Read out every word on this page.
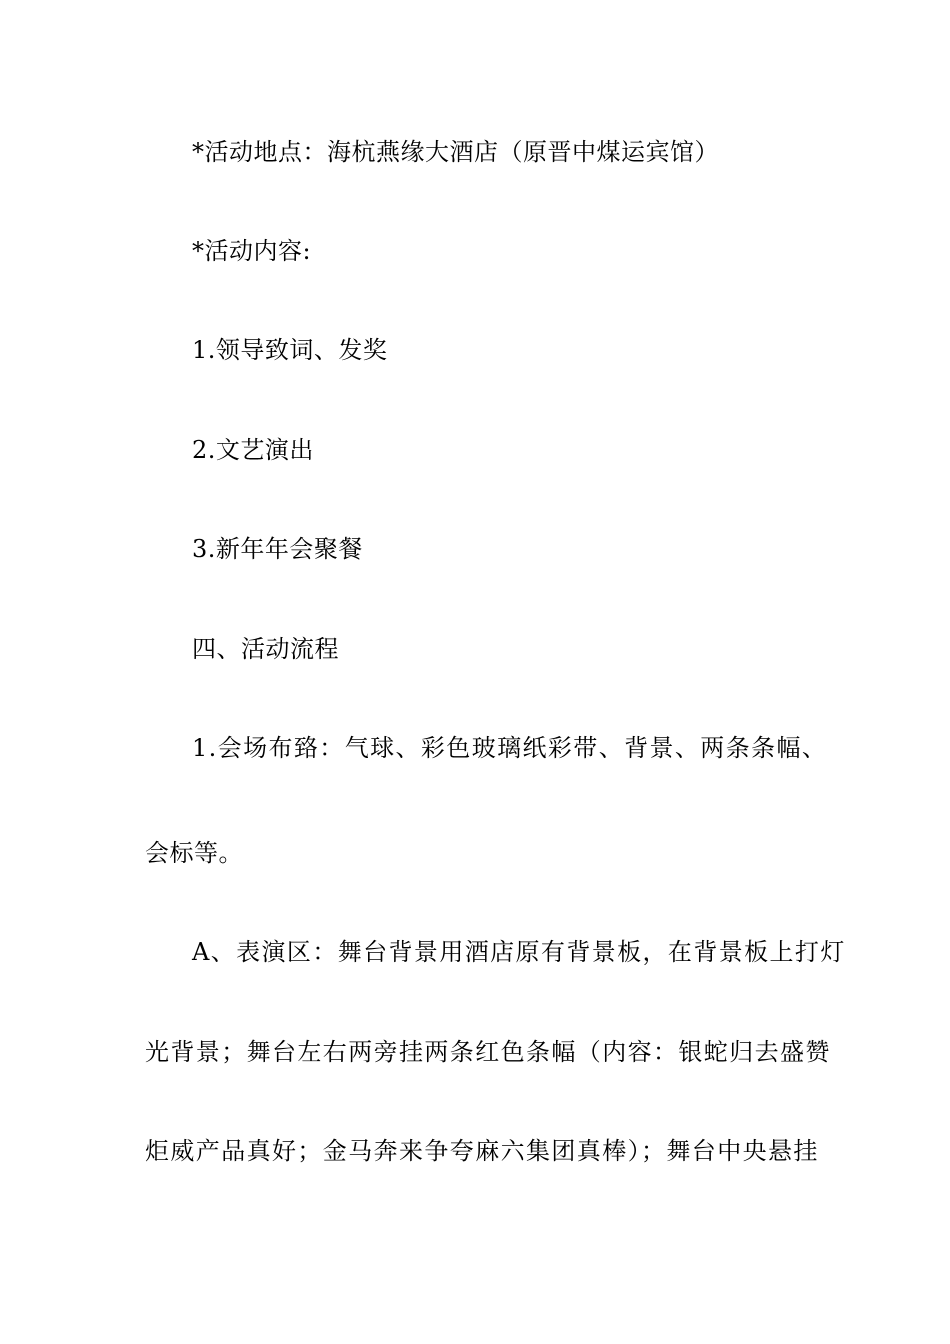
*活动地点：海杭燕缘大酒店（原晋中煤运宾馆）
*活动内容:
1.领导致词、发奖
2.文艺演出
3.新年年会聚餐
四、活动流程
1.会场布臵：气球、彩色玻璃纸彩带、背景、两条条幅、
会标等。
A、表演区：舞台背景用酒店原有背景板，在背景板上打灯
光背景；舞台左右两旁挂两条红色条幅（内容：银蛇归去盛赞
炬威产品真好；金马奔来争夸麻六集团真棒）；舞台中央悬挂
